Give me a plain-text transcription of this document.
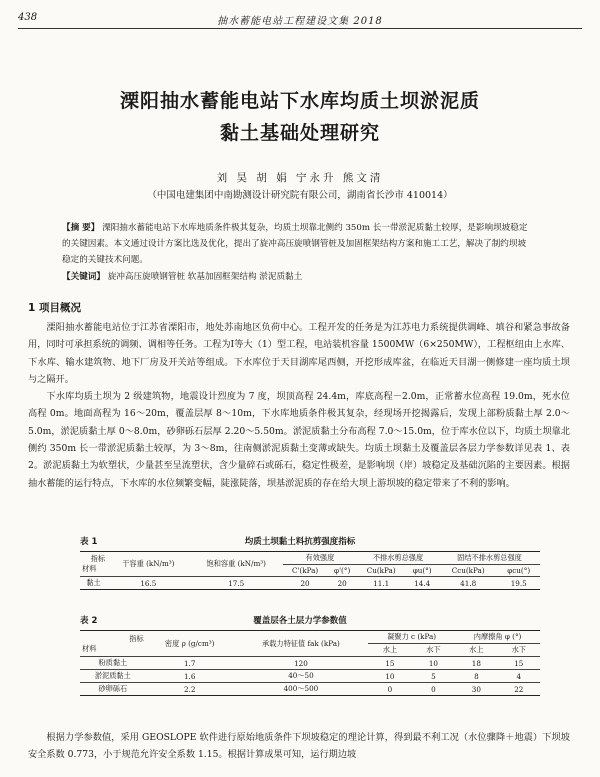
438	抽水蓄能电站工程建设文集 2018
溧阳抽水蓄能电站下水库均质土坝淤泥质
黏土基础处理研究
刘 昊 胡 娟 宁永升 熊文清
（中国电建集团中南勘测设计研究院有限公司，湖南省长沙市 410014）
【摘 要】 溧阳抽水蓄能电站下水库地质条件极其复杂，均质土坝靠北侧约 350m 长一带淤泥质黏土较厚，是影响坝坡稳定的关键因素。本文通过设计方案比选及优化，提出了旋冲高压旋喷钢管桩及加固框架结构方案和施工工艺，解决了制约坝坡稳定的关键技术问题。
【关键词】 旋冲高压旋喷钢管桩 软基加固框架结构 淤泥质黏土
1 项目概况

溧阳抽水蓄能电站位于江苏省溧阳市，地处苏南地区负荷中心。工程开发的任务是为江苏电力系统提供调峰、填谷和紧急事故备用，同时可承担系统的调频、调相等任务。工程为Ⅰ等大（1）型工程，电站装机容量 1500MW（6×250MW），工程枢纽由上水库、下水库、输水建筑物、地下厂房及开关站等组成。下水库位于天目湖库尾西侧，开挖形成库盆，在临近天目湖一侧修建一座均质土坝与之隔开。

下水库均质土坝为 2 级建筑物，地震设计烈度为 7 度，坝顶高程 24.4m，库底高程－2.0m，正常蓄水位高程 19.0m，死水位高程 0m。地面高程为 16～20m，覆盖层厚 8～10m，下水库地质条件极其复杂，经现场开挖揭露后，发现上部粉质黏土厚 2.0～5.0m，淤泥质黏土厚 0～8.0m，砂卵砾石层厚 2.20～5.50m。淤泥质黏土分布高程 7.0～15.0m，位于库水位以下，均质土坝靠北侧约 350m 长一带淤泥质黏土较厚，为 3～8m，往南侧淤泥质黏土变薄或缺失。均质土坝黏土及覆盖层各层力学参数详见表 1、表 2。淤泥质黏土为软塑状，少量甚至呈流塑状，含少量碎石或砾石，稳定性极差，是影响坝（岸）坡稳定及基础沉陷的主要因素。根据抽水蓄能的运行特点，下水库的水位频繁变幅，陡涨陡落，坝基淤泥质的存在给大坝上游坝坡的稳定带来了不利的影响。

表 1	均质土坝黏土料抗剪强度指标
指标
材料	干容重 (kN/m³)	饱和容重 (kN/m³)	有效强度		不排水剪总强度		固结不排水剪总强度	
			C'(kPa)	φ'(°)	Cu(kPa)	φu(°)	Ccu(kPa)	φcu(°)
黏土	16.5	17.5	20	20	11.1	14.4	41.8	19.5
表 2	覆盖层各土层力学参数值
指标
材料	密度 ρ (g/cm³)	承载力特征值 fak (kPa)	凝聚力 c (kPa)		内摩擦角 φ (°)	
			水上	水下	水上	水下
粉质黏土	1.7	120	15	10	18	15
淤泥质黏土	1.6	40～50	10	5	8	4
砂卵砾石	2.2	400～500	0	0	30	22

根据力学参数值，采用 GEOSLOPE 软件进行原始地质条件下坝坡稳定的理论计算，得到最不利工况（水位骤降＋地震）下坝坡安全系数 0.773，小于规范允许安全系数 1.15。根据计算成果可知，运行期边坡
